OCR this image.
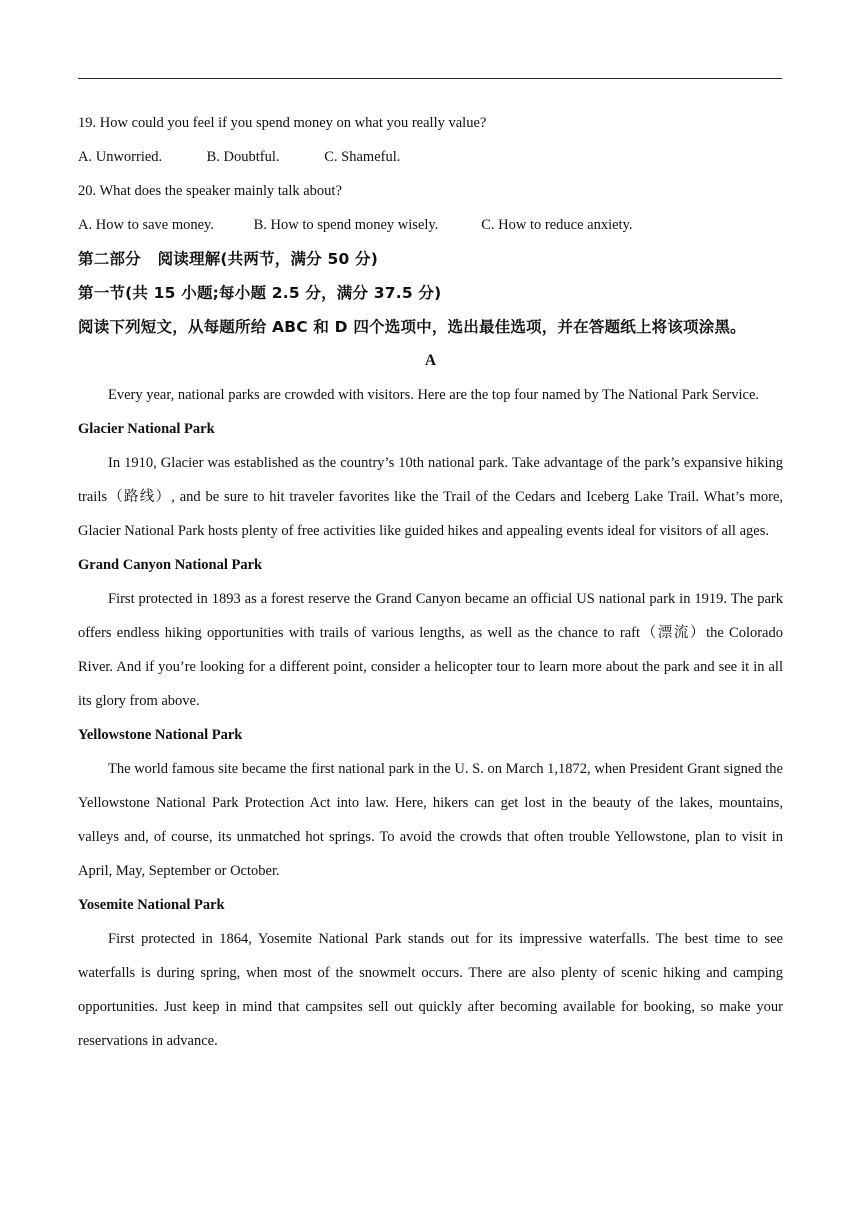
19. How could you feel if you spend money on what you really value?
A. Unworried.	B. Doubtful.	C. Shameful.
20. What does the speaker mainly talk about?
A. How to save money.	B. How to spend money wisely.	C. How to reduce anxiety.
第二部分   阅读理解(共两节，满分 50 分)
第一节(共 15 小题;每小题 2.5 分，满分 37.5 分)
阅读下列短文，从每题所给 ABC 和 D 四个选项中，选出最佳选项，并在答题纸上将该项涂黑。
A

Every year, national parks are crowded with visitors. Here are the top four named by The National Park Service.

Glacier National Park

In 1910, Glacier was established as the country’s 10th national park. Take advantage of the park’s expansive hiking trails（路线）, and be sure to hit traveler favorites like the Trail of the Cedars and Iceberg Lake Trail. What’s more, Glacier National Park hosts plenty of free activities like guided hikes and appealing events ideal for visitors of all ages.

Grand Canyon National Park

First protected in 1893 as a forest reserve the Grand Canyon became an official US national park in 1919. The park offers endless hiking opportunities with trails of various lengths, as well as the chance to raft（漂流）the Colorado River. And if you’re looking for a different point, consider a helicopter tour to learn more about the park and see it in all its glory from above.

Yellowstone National Park

The world famous site became the first national park in the U. S. on March 1,1872, when President Grant signed the Yellowstone National Park Protection Act into law. Here, hikers can get lost in the beauty of the lakes, mountains, valleys and, of course, its unmatched hot springs. To avoid the crowds that often trouble Yellowstone, plan to visit in April, May, September or October.

Yosemite National Park

First protected in 1864, Yosemite National Park stands out for its impressive waterfalls. The best time to see waterfalls is during spring, when most of the snowmelt occurs. There are also plenty of scenic hiking and camping opportunities. Just keep in mind that campsites sell out quickly after becoming available for booking, so make your reservations in advance.
